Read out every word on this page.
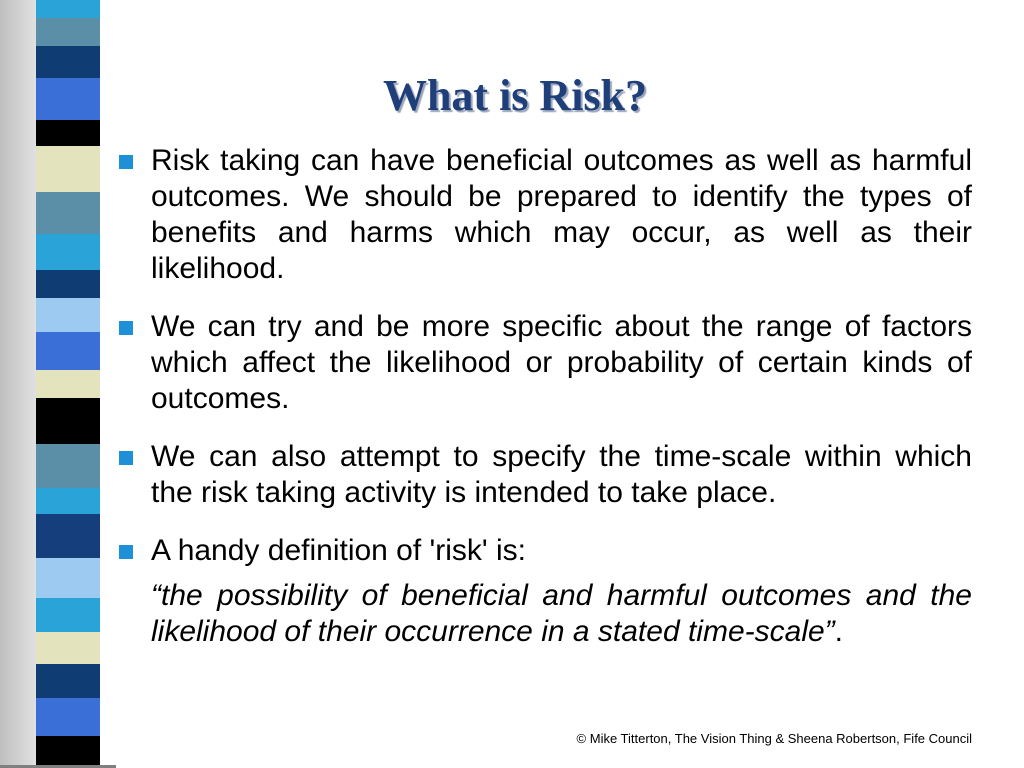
What is Risk?
Risk taking can have beneficial outcomes as well as harmful outcomes. We should be prepared to identify the types of benefits and harms which may occur, as well as their likelihood.
We can try and be more specific about the range of factors which affect the likelihood or probability of certain kinds of outcomes.
We can also attempt to specify the time-scale within which the risk taking activity is intended to take place.
A handy definition of 'risk' is:
“the possibility of beneficial and harmful outcomes and the likelihood of their occurrence in a stated time-scale”.
© Mike Titterton, The Vision Thing & Sheena Robertson, Fife Council
